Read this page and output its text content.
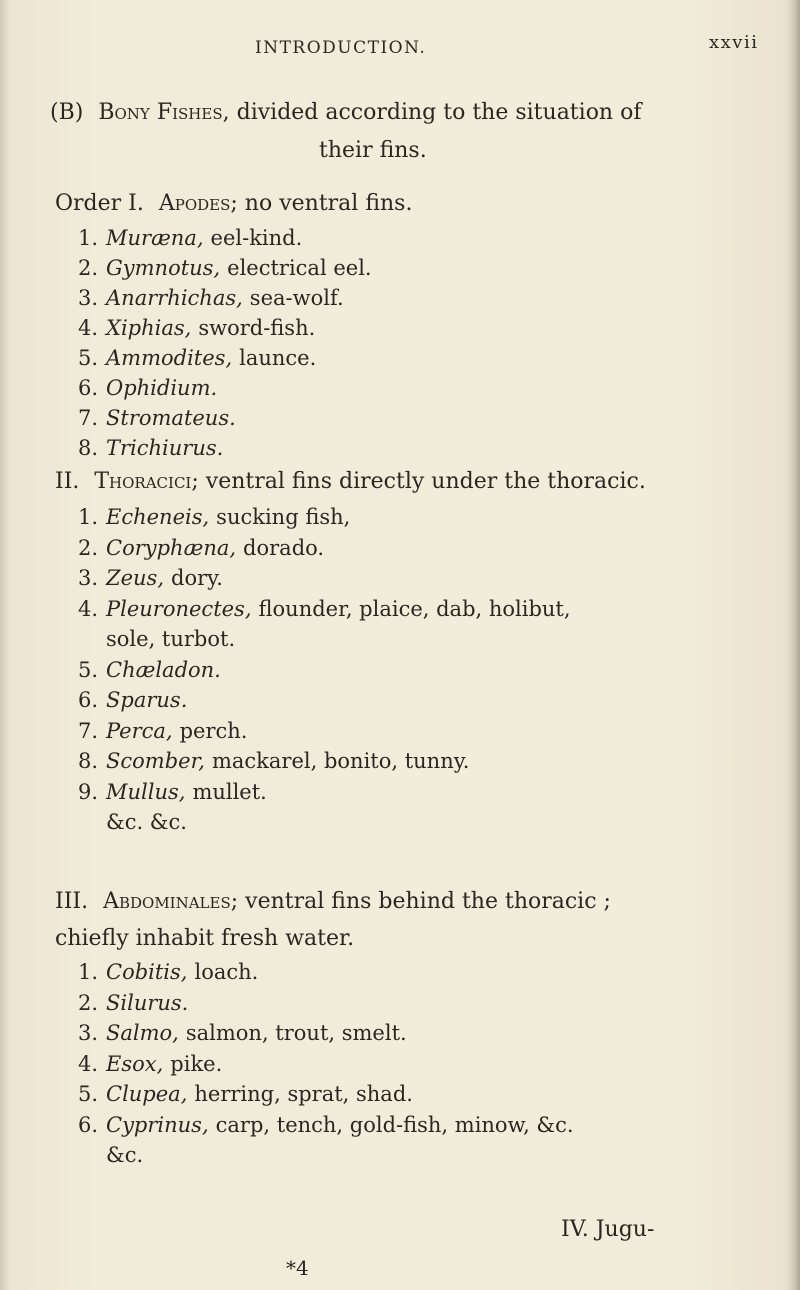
INTRODUCTION.	xxvii
(B) Bony Fishes, divided according to the situation of
their fins.
Order I. Apodes; no ventral fins.
1. Muræna, eel-kind.
2. Gymnotus, electrical eel.
3. Anarrhichas, sea-wolf.
4. Xiphias, sword-fish.
5. Ammodites, launce.
6. Ophidium.
7. Stromateus.
8. Trichiurus.
II. Thoracici; ventral fins directly under the thoracic.
1. Echeneis, sucking fish,
2. Coryphæna, dorado.
3. Zeus, dory.
4. Pleuronectes, flounder, plaice, dab, holibut,
sole, turbot.
5. Chæladon.
6. Sparus.
7. Perca, perch.
8. Scomber, mackarel, bonito, tunny.
9. Mullus, mullet.
&c. &c.
III. Abdominales; ventral fins behind the thoracic ;
chiefly inhabit fresh water.
1. Cobitis, loach.
2. Silurus.
3. Salmo, salmon, trout, smelt.
4. Esox, pike.
5. Clupea, herring, sprat, shad.
6. Cyprinus, carp, tench, gold-fish, minow, &c.
&c.
IV. Jugu-
*4
